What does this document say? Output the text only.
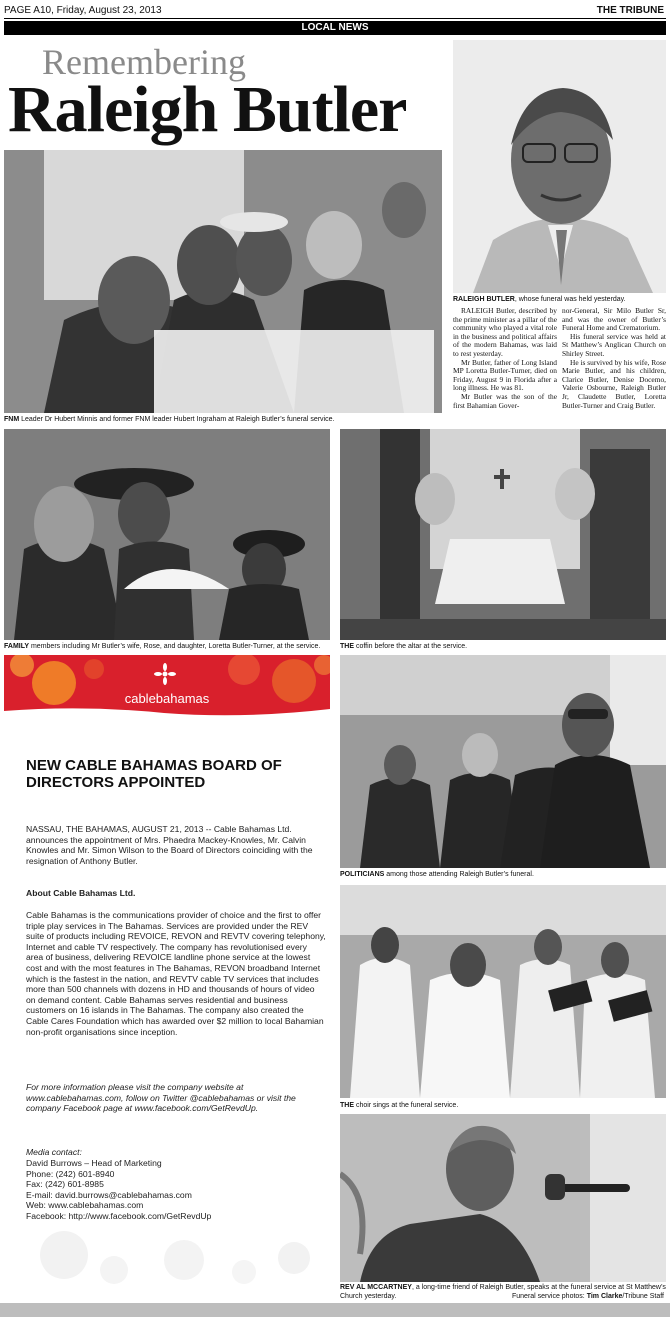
PAGE A10, Friday, August 23, 2013	THE TRIBUNE
LOCAL NEWS
Remembering
Raleigh Butler
RALEIGH BUTLER, whose funeral was held yesterday.
RALEIGH Butler, described by the prime minister as a pillar of the community who played a vital role in the business and political affairs of the modern Bahamas, was laid to rest yesterday.
Mr Butler, father of Long Island MP Loretta Butler-Turner, died on Friday, August 9 in Florida after a long illness. He was 81.
Mr Butler was the son of the first Bahamian Gover-
nor-General, Sir Milo Butler Sr, and was the owner of Butler’s Funeral Home and Crematorium.
His funeral service was held at St Matthew’s Anglican Church on Shirley Street.
He is survived by his wife, Rose Marie Butler, and his children, Clarice Butler, Denise Docemo, Valerie Osbourne, Raleigh Butler Jr, Claudette Butler, Loretta Butler-Turner and Craig Butler.
FNM Leader Dr Hubert Minnis and former FNM leader Hubert Ingraham at Raleigh Butler’s funeral service.
FAMILY members including Mr Butler’s wife, Rose, and daughter, Loretta Butler-Turner, at the service.	THE coffin before the altar at the service.
POLITICIANS among those attending Raleigh Butler’s funeral.
THE choir sings at the funeral service.
REV AL MCCARTNEY, a long-time friend of Raleigh Butler, speaks at the funeral service at St Matthew’s Church yesterday.	Funeral service photos: Tim Clarke/Tribune Staff
cablebahamas
NEW CABLE BAHAMAS BOARD OF
DIRECTORS APPOINTED
NASSAU, THE BAHAMAS, AUGUST 21, 2013 -- Cable Bahamas Ltd. announces the appointment of Mrs. Phaedra Mackey-Knowles, Mr. Calvin Knowles and Mr. Simon Wilson to the Board of Directors coinciding with the resignation of Anthony Butler.
About Cable Bahamas Ltd.
Cable Bahamas is the communications provider of choice and the first to offer triple play services in The Bahamas. Services are provided under the REV suite of products including REVOICE, REVON and REVTV covering telephony, Internet and cable TV respectively. The company has revolutionised every area of business, delivering REVOICE landline phone service at the lowest cost and with the most features in The Bahamas, REVON broadband Internet which is the fastest in the nation, and REVTV cable TV services that includes more than 500 channels with dozens in HD and thousands of hours of video on demand content. Cable Bahamas serves residential and business customers on 16 islands in The Bahamas. The company also created the Cable Cares Foundation which has awarded over $2 million to local Bahamian non-profit organisations since inception.
For more information please visit the company website at www.cablebahamas.com, follow on Twitter @cablebahamas or visit the company Facebook page at www.facebook.com/GetRevdUp.
Media contact:
David Burrows – Head of Marketing
Phone: (242) 601-8940
Fax: (242) 601-8985
E-mail: david.burrows@cablebahamas.com
Web: www.cablebahamas.com
Facebook: http://www.facebook.com/GetRevdUp
